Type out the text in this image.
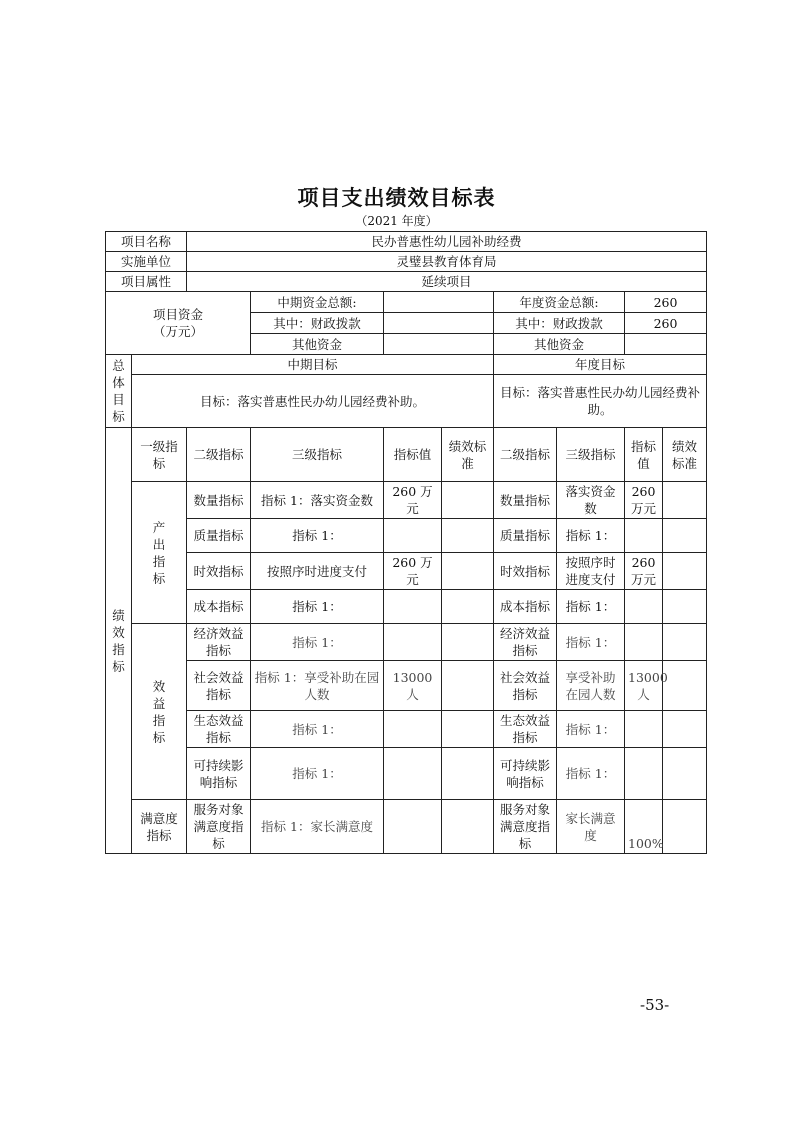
项目支出绩效目标表
（2021 年度）
项目名称		民办普惠性幼儿园补助经费							
实施单位		灵璧县教育体育局							
项目属性		延续项目							
项目资金
（万元）			中期资金总额:			年度资金总额:		260	
			其中：财政拨款			其中：财政拨款		260	
			其他资金			其他资金			
总体目标	中期目标					年度目标			
	目标：落实普惠性民办幼儿园经费补助。					目标：落实普惠性民办幼儿园经费补助。			
绩效指标	一级指标	二级指标	三级指标	指标值	绩效标准	二级指标	三级指标	指标值	绩效标准
	产出指标	数量指标	指标 1：落实资金数	260 万元		数量指标	落实资金数	260万元	
		质量指标	指标 1：			质量指标	指标 1：		
		时效指标	按照序时进度支付	260 万元		时效指标	按照序时进度支付	260万元	
		成本指标	指标 1：			成本指标	指标 1：		
	效益指标	经济效益指标	指标 1：			经济效益指标	指标 1：		
		社会效益指标	指标 1：享受补助在园人数	13000人		社会效益指标	享受补助在园人数	13000 人	
		生态效益指标	指标 1：			生态效益指标	指标 1：		
		可持续影响指标	指标 1：			可持续影响指标	指标 1：		
	满意度指标	服务对象满意度指标	指标 1：家长满意度			服务对象满意度指标	家长满意度	100%	
-53-
